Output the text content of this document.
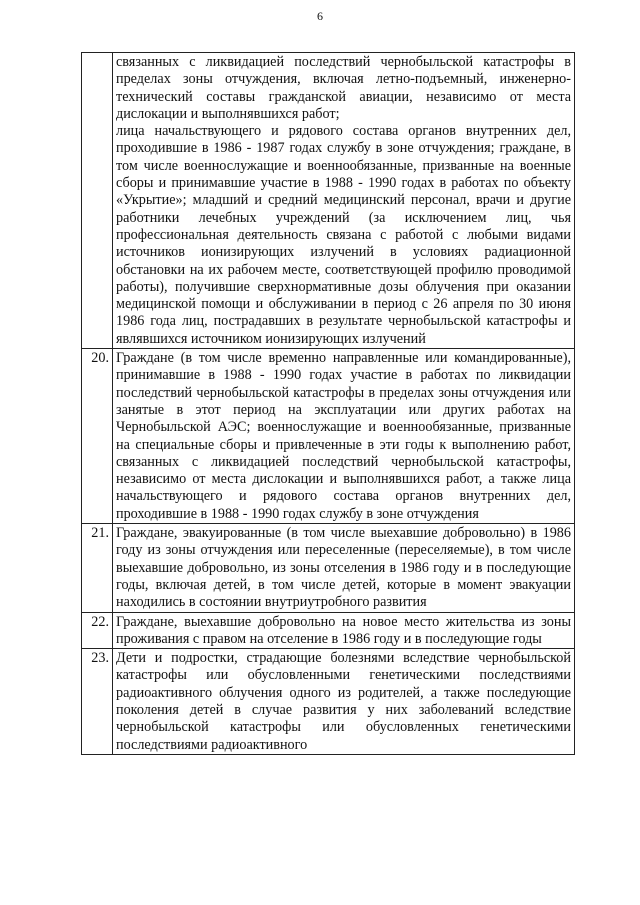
6

	связанных с ликвидацией последствий чернобыльской катастрофы в пределах зоны отчуждения, включая летно-подъемный, инженерно-технический составы гражданской авиации, независимо от места дислокации и выполнявшихся работ;
лица начальствующего и рядового состава органов внутренних дел, проходившие в 1986 - 1987 годах службу в зоне отчуждения; граждане, в том числе военнослужащие и военнообязанные, призванные на военные сборы и принимавшие участие в 1988 - 1990 годах в работах по объекту «Укрытие»; младший и средний медицинский персонал, врачи и другие работники лечебных учреждений (за исключением лиц, чья профессиональная деятельность связана с работой с любыми видами источников ионизирующих излучений в условиях радиационной обстановки на их рабочем месте, соответствующей профилю проводимой работы), получившие сверхнормативные дозы облучения при оказании медицинской помощи и обслуживании в период с 26 апреля по 30 июня 1986 года лиц, пострадавших в результате чернобыльской катастрофы и являвшихся источником ионизирующих излучений

20.	Граждане (в том числе временно направленные или командированные), принимавшие в 1988 - 1990 годах участие в работах по ликвидации последствий чернобыльской катастрофы в пределах зоны отчуждения или занятые в этот период на эксплуатации или других работах на Чернобыльской АЭС; военнослужащие и военнообязанные, призванные на специальные сборы и привлеченные в эти годы к выполнению работ, связанных с ликвидацией последствий чернобыльской катастрофы, независимо от места дислокации и выполнявшихся работ, а также лица начальствующего и рядового состава органов внутренних дел, проходившие в 1988 - 1990 годах службу в зоне отчуждения

21.	Граждане, эвакуированные (в том числе выехавшие добровольно) в 1986 году из зоны отчуждения или переселенные (переселяемые), в том числе выехавшие добровольно, из зоны отселения в 1986 году и в последующие годы, включая детей, в том числе детей, которые в момент эвакуации находились в состоянии внутриутробного развития

22.	Граждане, выехавшие добровольно на новое место жительства из зоны проживания с правом на отселение в 1986 году и в последующие годы

23.	Дети и подростки, страдающие болезнями вследствие чернобыльской катастрофы или обусловленными генетическими последствиями радиоактивного облучения одного из родителей, а также последующие поколения детей в случае развития у них заболеваний вследствие чернобыльской катастрофы или обусловленных генетическими последствиями радиоактивного
